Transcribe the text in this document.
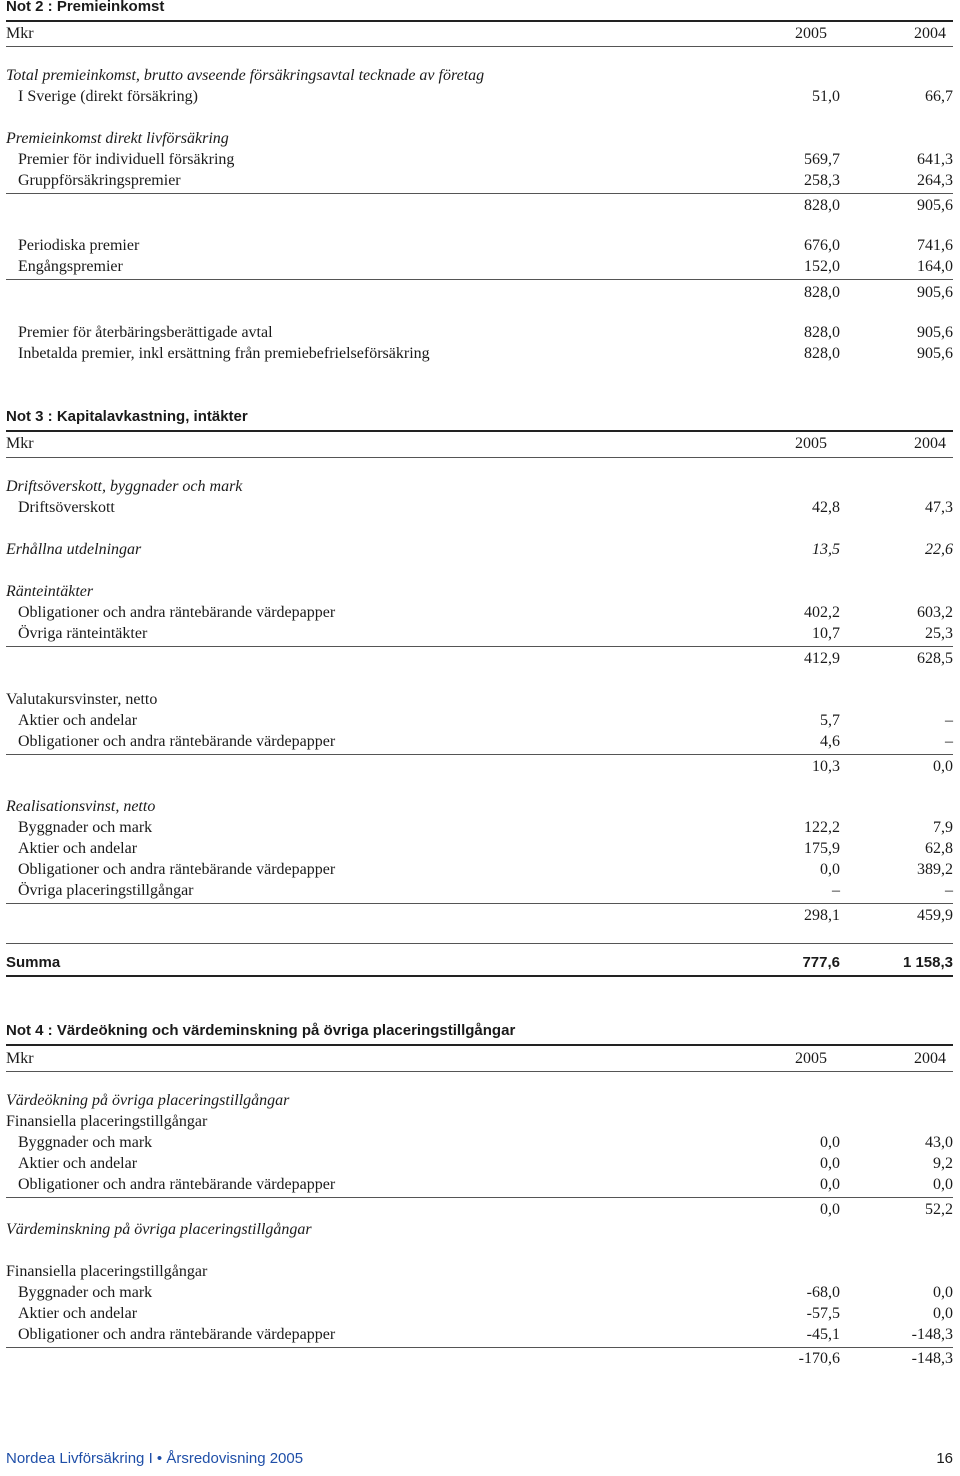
Not 2 : Premieinkomst
Mkr	2005	2004
Total premieinkomst, brutto avseende försäkringsavtal tecknade av företag
I Sverige (direkt försäkring)	51,0	66,7
Premieinkomst direkt livförsäkring
Premier för individuell försäkring	569,7	641,3
Gruppförsäkringspremier	258,3	264,3
828,0	905,6
Periodiska premier	676,0	741,6
Engångspremier	152,0	164,0
828,0	905,6
Premier för återbäringsberättigade avtal	828,0	905,6
Inbetalda premier, inkl ersättning från premiebefrielseförsäkring	828,0	905,6
Not 3 : Kapitalavkastning, intäkter
Mkr	2005	2004
Driftsöverskott, byggnader och mark
Driftsöverskott	42,8	47,3
Erhållna utdelningar	13,5	22,6
Ränteintäkter
Obligationer och andra räntebärande värdepapper	402,2	603,2
Övriga ränteintäkter	10,7	25,3
412,9	628,5
Valutakursvinster, netto
Aktier och andelar	5,7	–
Obligationer och andra räntebärande värdepapper	4,6	–
10,3	0,0
Realisationsvinst, netto
Byggnader och mark	122,2	7,9
Aktier och andelar	175,9	62,8
Obligationer och andra räntebärande värdepapper	0,0	389,2
Övriga placeringstillgångar	–	–
298,1	459,9
Summa	777,6	1 158,3
Not 4 : Värdeökning och värdeminskning på övriga placeringstillgångar
Mkr	2005	2004
Värdeökning på övriga placeringstillgångar
Finansiella placeringstillgångar
Byggnader och mark	0,0	43,0
Aktier och andelar	0,0	9,2
Obligationer och andra räntebärande värdepapper	0,0	0,0
0,0	52,2
Värdeminskning på övriga placeringstillgångar
Finansiella placeringstillgångar
Byggnader och mark	-68,0	0,0
Aktier och andelar	-57,5	0,0
Obligationer och andra räntebärande värdepapper	-45,1	-148,3
-170,6	-148,3
Nordea Livförsäkring I • Årsredovisning 2005	16
